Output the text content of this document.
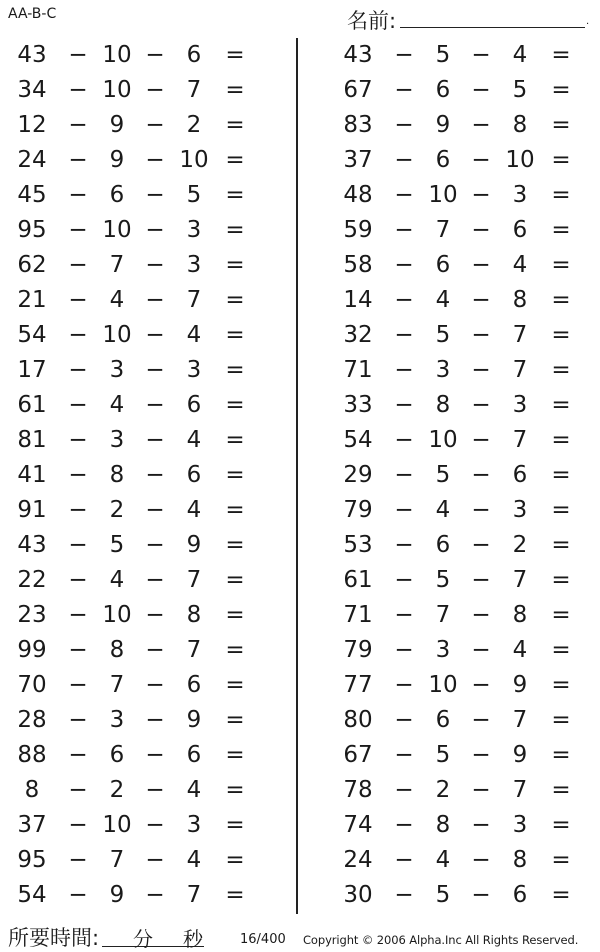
AA-B-C	名前:	.
43 − 10 − 6	=
34 − 10 − 7	=
12 − 9 − 2	=
24 − 9 − 10 =
45 − 6 − 5	=
95 − 10 − 3	=
62 − 7 − 3	=
21 − 4 − 7	=
54 − 10 − 4	=
17 − 3 − 3	=
61 − 4 − 6	=
81 − 3 − 4	=
41 − 8 − 6	=
91 − 2 − 4	=
43 − 5 − 9	=
22 − 4 − 7	=
23 − 10 − 8	=
99 − 8 − 7	=
70 − 7 − 6	=
28 − 3 − 9	=
88 − 6 − 6	=
8	− 2 − 4	=
37 − 10 − 3	=
95 − 7 − 4	=
54 − 9 − 7	=
43 − 5 − 4	=
67 − 6 − 5	=
83 − 9 − 8	=
37 − 6 − 10 =
48 − 10 − 3	=
59 − 7 − 6	=
58 − 6 − 4	=
14 − 4 − 8	=
32 − 5 − 7	=
71 − 3 − 7	=
33 − 8 − 3	=
54 − 10 − 7	=
29 − 5 − 6	=
79 − 4 − 3	=
53 − 6 − 2	=
61 − 5 − 7	=
71 − 7 − 8	=
79 − 3 − 4	=
77 − 10 − 9	=
80 − 6 − 7	=
67 − 5 − 9	=
78 − 2 − 7	=
74 − 8 − 3	=
24 − 4 − 8	=
30 − 5 − 6	=
所要時間: 分 秒	16/400 Copyright © 2006 Alpha.Inc All Rights Reserved.
